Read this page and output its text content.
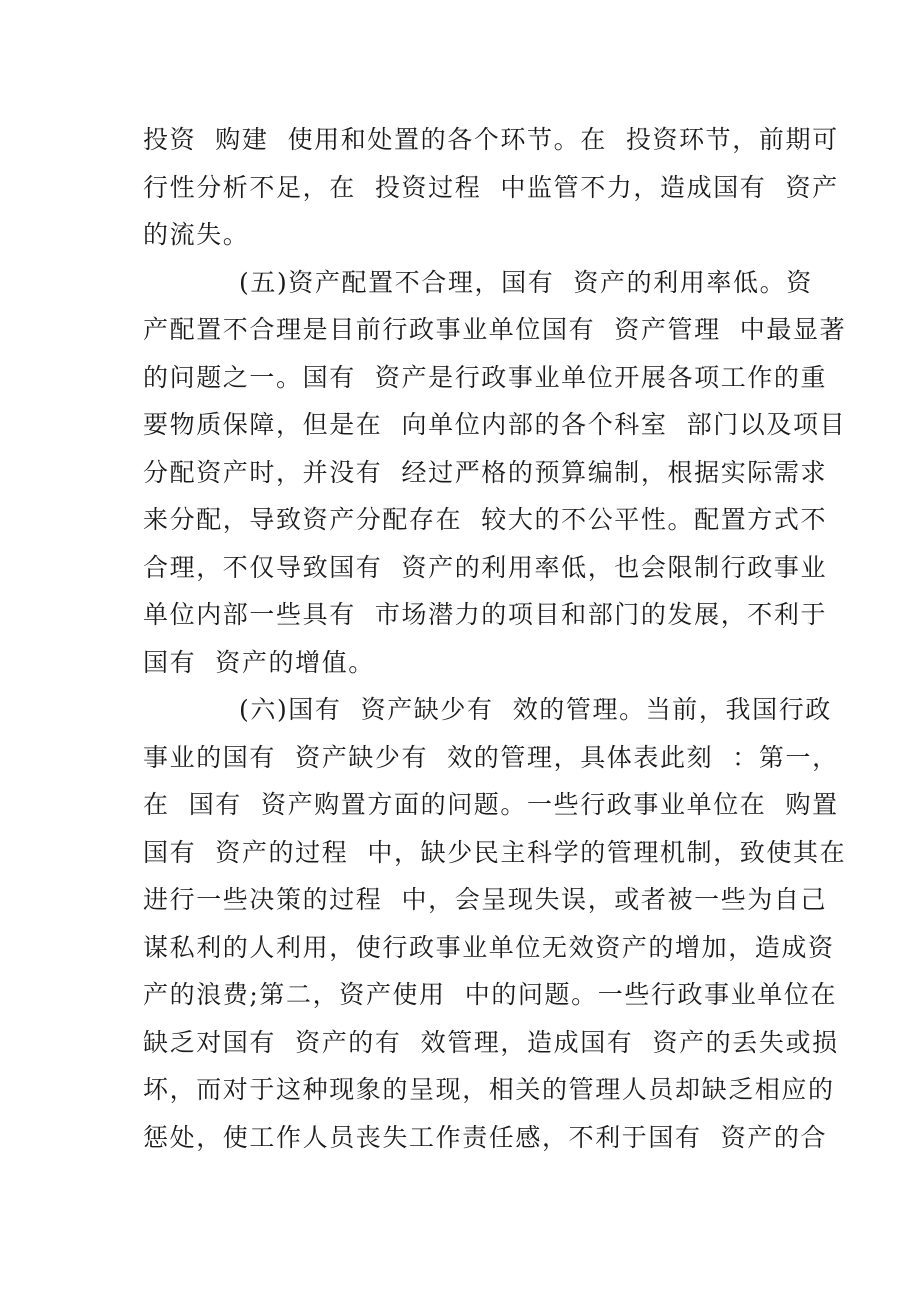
投资  购建  使用和处置的各个环节。在  投资环节，前期可
行性分析不足，在  投资过程  中监管不力，造成国有  资产
的流失。
(五)资产配置不合理，国有  资产的利用率低。资
产配置不合理是目前行政事业单位国有  资产管理  中最显著
的问题之一。国有  资产是行政事业单位开展各项工作的重
要物质保障，但是在  向单位内部的各个科室  部门以及项目
分配资产时，并没有  经过严格的预算编制，根据实际需求
来分配，导致资产分配存在  较大的不公平性。配置方式不
合理，不仅导致国有  资产的利用率低，也会限制行政事业
单位内部一些具有  市场潜力的项目和部门的发展，不利于
国有  资产的增值。
(六)国有  资产缺少有  效的管理。当前，我国行政
事业的国有  资产缺少有  效的管理，具体表此刻  ：第一，
在  国有  资产购置方面的问题。一些行政事业单位在  购置
国有  资产的过程  中，缺少民主科学的管理机制，致使其在
进行一些决策的过程  中，会呈现失误，或者被一些为自己
谋私利的人利用，使行政事业单位无效资产的增加，造成资
产的浪费;第二，资产使用  中的问题。一些行政事业单位在
缺乏对国有  资产的有  效管理，造成国有  资产的丢失或损
坏，而对于这种现象的呈现，相关的管理人员却缺乏相应的
惩处，使工作人员丧失工作责任感，不利于国有  资产的合
